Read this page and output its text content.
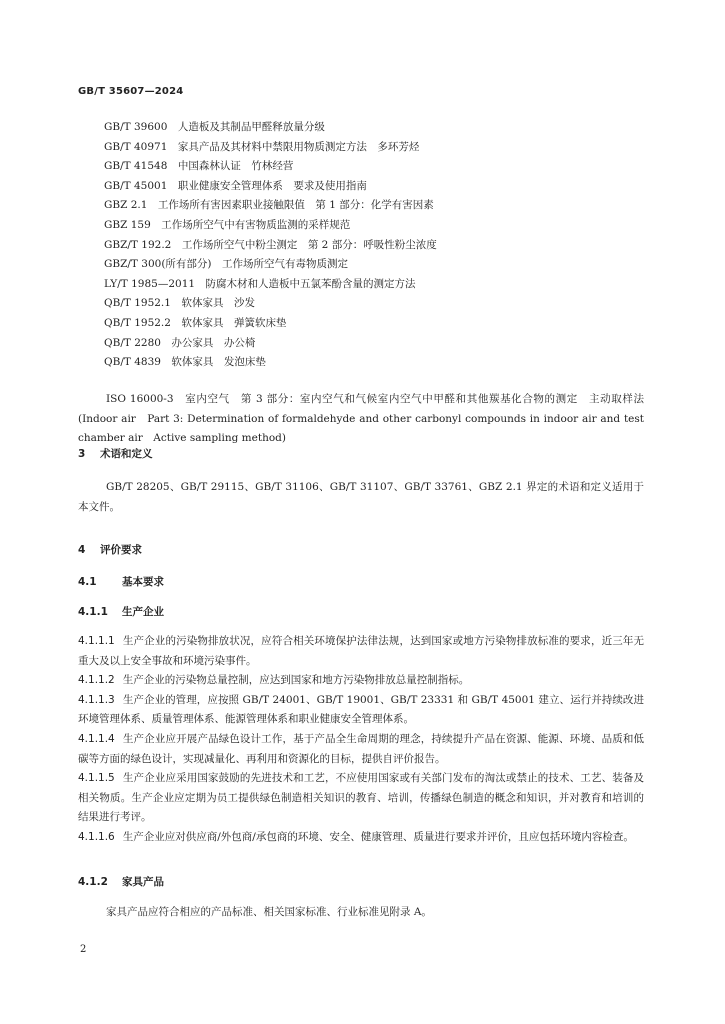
GB/T 35607—2024
GB/T 39600　人造板及其制品甲醛释放量分级
GB/T 40971　家具产品及其材料中禁限用物质测定方法　多环芳烃
GB/T 41548　中国森林认证　竹林经营
GB/T 45001　职业健康安全管理体系　要求及使用指南
GBZ 2.1　工作场所有害因素职业接触限值　第 1 部分：化学有害因素
GBZ 159　工作场所空气中有害物质监测的采样规范
GBZ/T 192.2　工作场所空气中粉尘测定　第 2 部分：呼吸性粉尘浓度
GBZ/T 300(所有部分)　工作场所空气有毒物质测定
LY/T 1985—2011　防腐木材和人造板中五氯苯酚含量的测定方法
QB/T 1952.1　软体家具　沙发
QB/T 1952.2　软体家具　弹簧软床垫
QB/T 2280　办公家具　办公椅
QB/T 4839　软体家具　发泡床垫
ISO 16000-3　室内空气　第 3 部分：室内空气和气候室内空气中甲醛和其他羰基化合物的测定　主动取样法(Indoor air　Part 3: Determination of formaldehyde and other carbonyl compounds in indoor air and test chamber air　Active sampling method)
3 术语和定义
GB/T 28205、GB/T 29115、GB/T 31106、GB/T 31107、GB/T 33761、GBZ 2.1 界定的术语和定义适用于本文件。
4 评价要求
4.1 基本要求
4.1.1 生产企业
4.1.1.1 生产企业的污染物排放状况，应符合相关环境保护法律法规，达到国家或地方污染物排放标准的要求，近三年无重大及以上安全事故和环境污染事件。
4.1.1.2 生产企业的污染物总量控制，应达到国家和地方污染物排放总量控制指标。
4.1.1.3 生产企业的管理，应按照 GB/T 24001、GB/T 19001、GB/T 23331 和 GB/T 45001 建立、运行并持续改进环境管理体系、质量管理体系、能源管理体系和职业健康安全管理体系。
4.1.1.4 生产企业应开展产品绿色设计工作，基于产品全生命周期的理念，持续提升产品在资源、能源、环境、品质和低碳等方面的绿色设计，实现减量化、再利用和资源化的目标，提供自评价报告。
4.1.1.5 生产企业应采用国家鼓励的先进技术和工艺，不应使用国家或有关部门发布的淘汰或禁止的技术、工艺、装备及相关物质。生产企业应定期为员工提供绿色制造相关知识的教育、培训，传播绿色制造的概念和知识，并对教育和培训的结果进行考评。
4.1.1.6 生产企业应对供应商/外包商/承包商的环境、安全、健康管理、质量进行要求并评价，且应包括环境内容检查。
4.1.2 家具产品
家具产品应符合相应的产品标准、相关国家标准、行业标准见附录 A。
2
